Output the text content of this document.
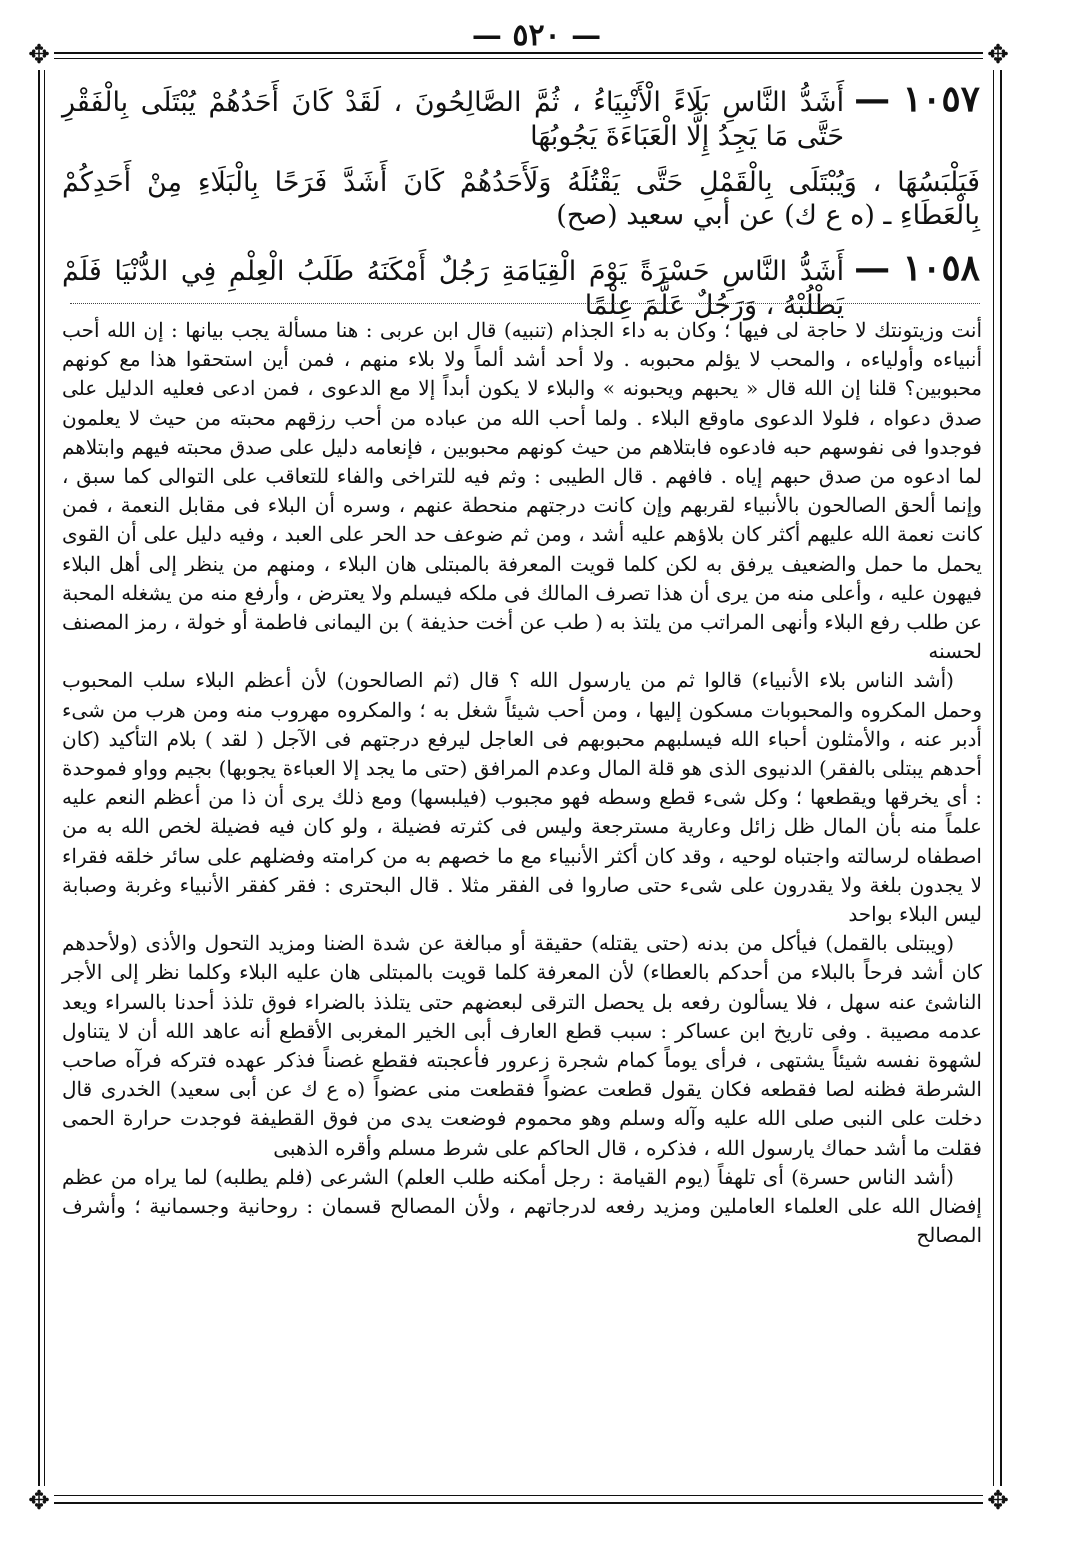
— ٥٢٠ —
✥	✥
✥	✥
١٠٥٧ —
أَشَدُّ النَّاسِ بَلَاءً الْأَنْبِيَاءُ ، ثُمَّ الصَّالِحُونَ ، لَقَدْ كَانَ أَحَدُهُمْ يُبْتَلَى بِالْفَقْرِ حَتَّى مَا يَجِدُ إِلَّا الْعَبَاءَةَ يَجُوبُهَا
فَيَلْبَسُهَا ، وَيُبْتَلَى بِالْقَمْلِ حَتَّى يَقْتُلَهُ وَلَأَحَدُهُمْ كَانَ أَشَدَّ فَرَحًا بِالْبَلَاءِ مِنْ أَحَدِكُمْ بِالْعَطَاءِ ـ (ه ع ك) عن أبي سعيد (صح)
١٠٥٨ —
أَشَدُّ النَّاسِ حَسْرَةً يَوْمَ الْقِيَامَةِ رَجُلٌ أَمْكَنَهُ طَلَبُ الْعِلْمِ فِي الدُّنْيَا فَلَمْ يَطْلُبْهُ ، وَرَجُلٌ عَلَّمَ عِلْمًا

أنت وزيتونتك لا حاجة لى فيها ؛ وكان به داء الجذام (تنبيه) قال ابن عربى : هنا مسألة يجب بيانها : إن الله أحب أنبياءه وأولياءه ، والمحب لا يؤلم محبوبه . ولا أحد أشد ألماً ولا بلاء منهم ، فمن أين استحقوا هذا مع كونهم محبوبين؟ قلنا إن الله قال « يحبهم ويحبونه » والبلاء لا يكون أبداً إلا مع الدعوى ، فمن ادعى فعليه الدليل على صدق دعواه ، فلولا الدعوى ماوقع البلاء . ولما أحب الله من عباده من أحب رزقهم محبته من حيث لا يعلمون فوجدوا فى نفوسهم حبه فادعوه فابتلاهم من حيث كونهم محبوبين ، فإنعامه دليل على صدق محبته فيهم وابتلاهم لما ادعوه من صدق حبهم إياه . فافهم . قال الطيبى : وثم فيه للتراخى والفاء للتعاقب على التوالى كما سبق ، وإنما ألحق الصالحون بالأنبياء لقربهم وإن كانت درجتهم منحطة عنهم ، وسره أن البلاء فى مقابل النعمة ، فمن كانت نعمة الله عليهم أكثر كان بلاؤهم عليه أشد ، ومن ثم ضوعف حد الحر على العبد ، وفيه دليل على أن القوى يحمل ما حمل والضعيف يرفق به لكن كلما قويت المعرفة بالمبتلى هان البلاء ، ومنهم من ينظر إلى أهل البلاء فيهون عليه ، وأعلى منه من يرى أن هذا تصرف المالك فى ملكه فيسلم ولا يعترض ، وأرفع منه من يشغله المحبة عن طلب رفع البلاء وأنهى المراتب من يلتذ به ( طب عن أخت حذيفة ) بن اليمانى فاطمة أو خولة ، رمز المصنف لحسنه

(أشد الناس بلاء الأنبياء) قالوا ثم من يارسول الله ؟ قال (ثم الصالحون) لأن أعظم البلاء سلب المحبوب وحمل المكروه والمحبوبات مسكون إليها ، ومن أحب شيئاً شغل به ؛ والمكروه مهروب منه ومن هرب من شىء أدبر عنه ، والأمثلون أحباء الله فيسلبهم محبوبهم فى العاجل ليرفع درجتهم فى الآجل ( لقد ) بلام التأكيد (كان أحدهم يبتلى بالفقر) الدنيوى الذى هو قلة المال وعدم المرافق (حتى ما يجد إلا العباءة يجوبها) بجيم وواو فموحدة : أى يخرقها ويقطعها ؛ وكل شىء قطع وسطه فهو مجبوب (فيلبسها) ومع ذلك يرى أن ذا من أعظم النعم عليه علماً منه بأن المال ظل زائل وعارية مسترجعة وليس فى كثرته فضيلة ، ولو كان فيه فضيلة لخص الله به من اصطفاه لرسالته واجتباه لوحيه ، وقد كان أكثر الأنبياء مع ما خصهم به من كرامته وفضلهم على سائر خلقه فقراء لا يجدون بلغة ولا يقدرون على شىء حتى صاروا فى الفقر مثلا . قال البحترى : فقر كفقر الأنبياء وغربة وصبابة ليس البلاء بواحد

(ويبتلى بالقمل) فيأكل من بدنه (حتى يقتله) حقيقة أو مبالغة عن شدة الضنا ومزيد التحول والأذى (ولأحدهم كان أشد فرحاً بالبلاء من أحدكم بالعطاء) لأن المعرفة كلما قويت بالمبتلى هان عليه البلاء وكلما نظر إلى الأجر الناشئ عنه سهل ، فلا يسألون رفعه بل يحصل الترقى لبعضهم حتى يتلذذ بالضراء فوق تلذذ أحدنا بالسراء ويعد عدمه مصيبة . وفى تاريخ ابن عساكر : سبب قطع العارف أبى الخير المغربى الأقطع أنه عاهد الله أن لا يتناول لشهوة نفسه شيئاً يشتهى ، فرأى يوماً كمام شجرة زعرور فأعجبته فقطع غصناً فذكر عهده فتركه فرآه صاحب الشرطة فظنه لصا فقطعه فكان يقول قطعت عضواً فقطعت منى عضواً (ه ع ك عن أبى سعيد) الخدرى قال دخلت على النبى صلى الله عليه وآله وسلم وهو محموم فوضعت يدى من فوق القطيفة فوجدت حرارة الحمى فقلت ما أشد حماك يارسول الله ، فذكره ، قال الحاكم على شرط مسلم وأقره الذهبى

(أشد الناس حسرة) أى تلهفاً (يوم القيامة : رجل أمكنه طلب العلم) الشرعى (فلم يطلبه) لما يراه من عظم إفضال الله على العلماء العاملين ومزيد رفعه لدرجاتهم ، ولأن المصالح قسمان : روحانية وجسمانية ؛ وأشرف المصالح
